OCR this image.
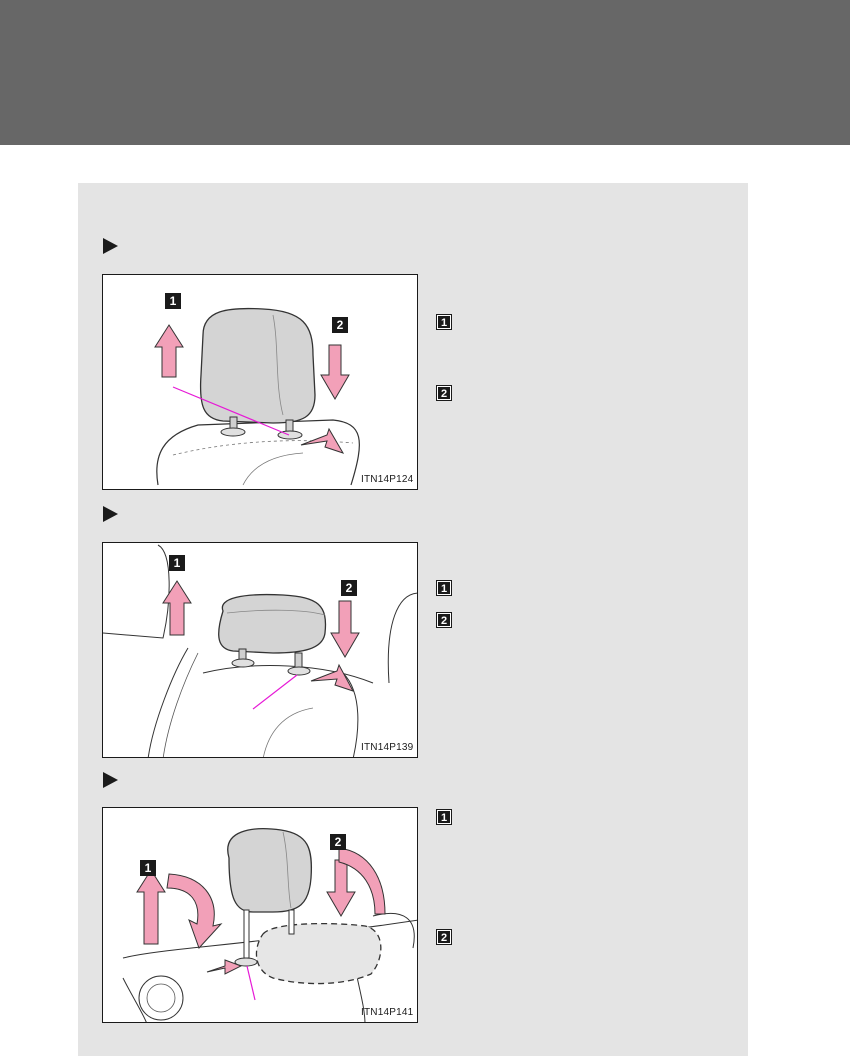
1
2
ITN14P124
1
2
1
2
ITN14P139
1
2
1
2
ITN14P141
1
2
